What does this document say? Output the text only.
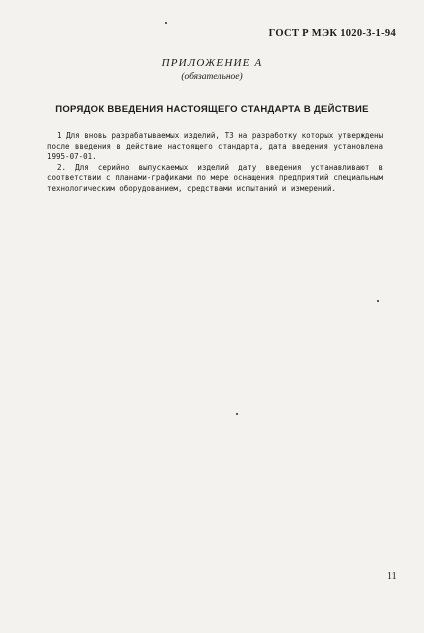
ГОСТ Р МЭК 1020-3-1-94
ПРИЛОЖЕНИЕ А
(обязательное)
ПОРЯДОК ВВЕДЕНИЯ НАСТОЯЩЕГО СТАНДАРТА В ДЕЙСТВИЕ

1 Для вновь разрабатываемых изделий, ТЗ на разработку которых утверждены после введения в действие настоящего стандарта, дата введения установлена 1995-07-01.

2. Для серийно выпускаемых изделий дату введения устанавливают в соответствии с планами-графиками по мере оснащения предприятий специальным технологическим оборудованием, средствами испытаний и измерений.

11
